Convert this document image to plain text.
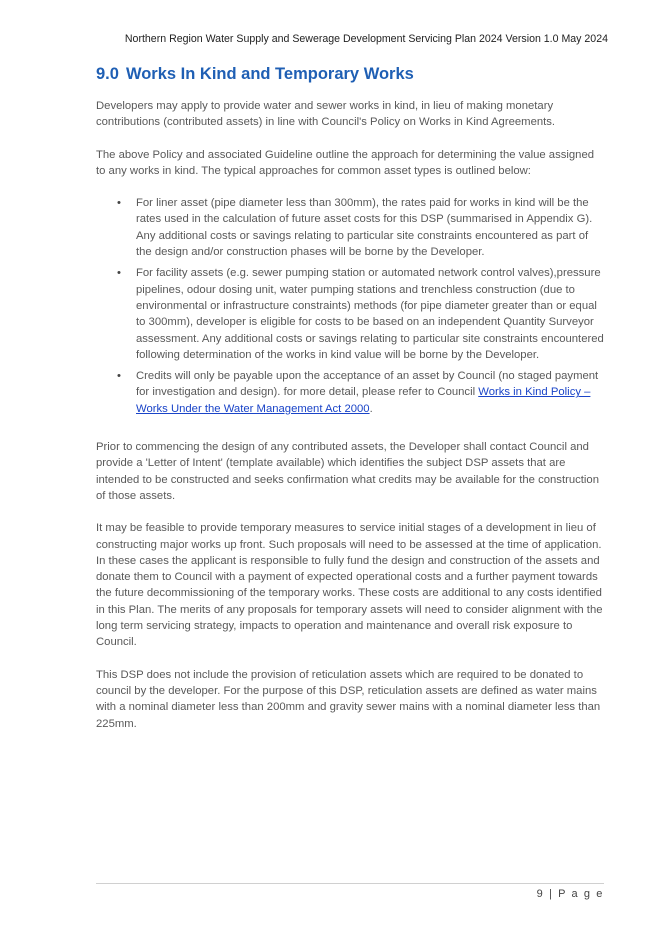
Northern Region Water Supply and Sewerage Development Servicing Plan 2024 Version 1.0 May 2024
9.0 Works In Kind and Temporary Works

Developers may apply to provide water and sewer works in kind, in lieu of making monetary contributions (contributed assets) in line with Council's Policy on Works in Kind Agreements.

The above Policy and associated Guideline outline the approach for determining the value assigned to any works in kind. The typical approaches for common asset types is outlined below:

• For liner asset (pipe diameter less than 300mm), the rates paid for works in kind will be the rates used in the calculation of future asset costs for this DSP (summarised in Appendix G). Any additional costs or savings relating to particular site constraints encountered as part of the design and/or construction phases will be borne by the Developer.
• For facility assets (e.g. sewer pumping station or automated network control valves),pressure pipelines, odour dosing unit, water pumping stations and trenchless construction (due to environmental or infrastructure constraints) methods (for pipe diameter greater than or equal to 300mm), developer is eligible for costs to be based on an independent Quantity Surveyor assessment. Any additional costs or savings relating to particular site constraints encountered following determination of the works in kind value will be borne by the Developer.
• Credits will only be payable upon the acceptance of an asset by Council (no staged payment for investigation and design). for more detail, please refer to Council Works in Kind Policy – Works Under the Water Management Act 2000.

Prior to commencing the design of any contributed assets, the Developer shall contact Council and provide a 'Letter of Intent' (template available) which identifies the subject DSP assets that are intended to be constructed and seeks confirmation what credits may be available for the construction of those assets.

It may be feasible to provide temporary measures to service initial stages of a development in lieu of constructing major works up front. Such proposals will need to be assessed at the time of application. In these cases the applicant is responsible to fully fund the design and construction of the assets and donate them to Council with a payment of expected operational costs and a further payment towards the future decommissioning of the temporary works. These costs are additional to any costs identified in this Plan. The merits of any proposals for temporary assets will need to consider alignment with the long term servicing strategy, impacts to operation and maintenance and overall risk exposure to Council.

This DSP does not include the provision of reticulation assets which are required to be donated to council by the developer. For the purpose of this DSP, reticulation assets are defined as water mains with a nominal diameter less than 200mm and gravity sewer mains with a nominal diameter less than 225mm.

9 | P a g e
